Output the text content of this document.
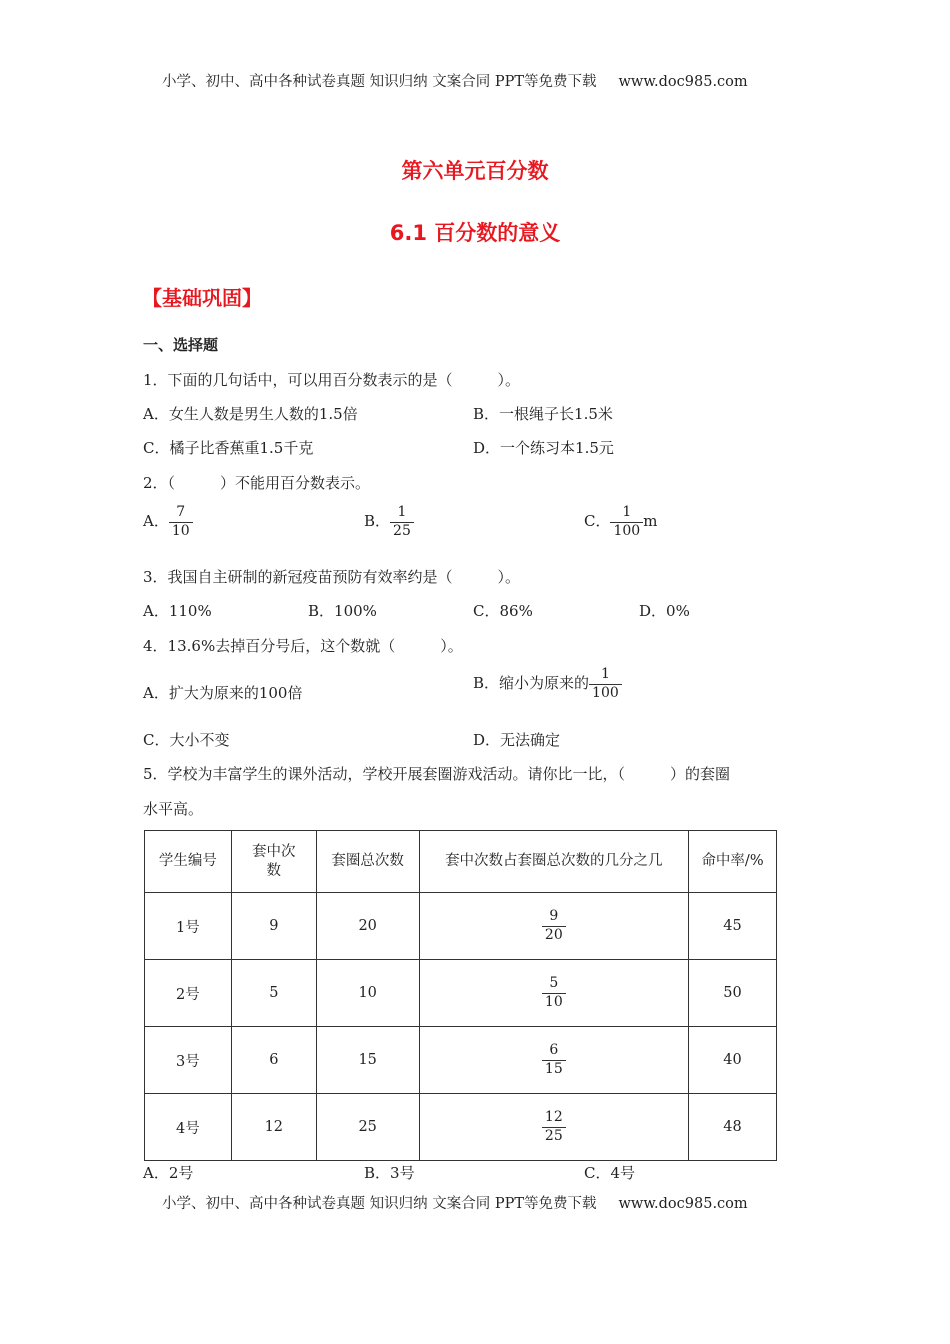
小学、初中、高中各种试卷真题 知识归纳 文案合同 PPT等免费下载 www.doc985.com
第六单元百分数
6.1 百分数的意义
【基础巩固】
一、选择题
1．下面的几句话中，可以用百分数表示的是（　　　）。
A．女生人数是男生人数的1.5倍	B．一根绳子长1.5米
C．橘子比香蕉重1.5千克	D．一个练习本1.5元
2．（　　　）不能用百分数表示。
A． $\frac{7}{10}$	B． $\frac{1}{25}$	C． $\frac{1}{100}$ m
3．我国自主研制的新冠疫苗预防有效率约是（　　　）。
A．110%	B．100%	C．86%	D．0%
4．13.6%去掉百分号后，这个数就（　　　）。
A．扩大为原来的100倍
B．缩小为原来的 $\frac{1}{100}$
C．大小不变	D．无法确定
5．学校为丰富学生的课外活动，学校开展套圈游戏活动。请你比一比，（　　　）的套圈
水平高。
学生编号	套中次数	套圈总次数	套中次数占套圈总次数的几分之几	命中率/%
1号	9	20	$\frac{9}{20}$	45
2号	5	10	$\frac{5}{10}$	50
3号	6	15	$\frac{6}{15}$	40
4号	12	25	$\frac{12}{25}$	48
A．2号	B．3号	C．4号
小学、初中、高中各种试卷真题 知识归纳 文案合同 PPT等免费下载 www.doc985.com
